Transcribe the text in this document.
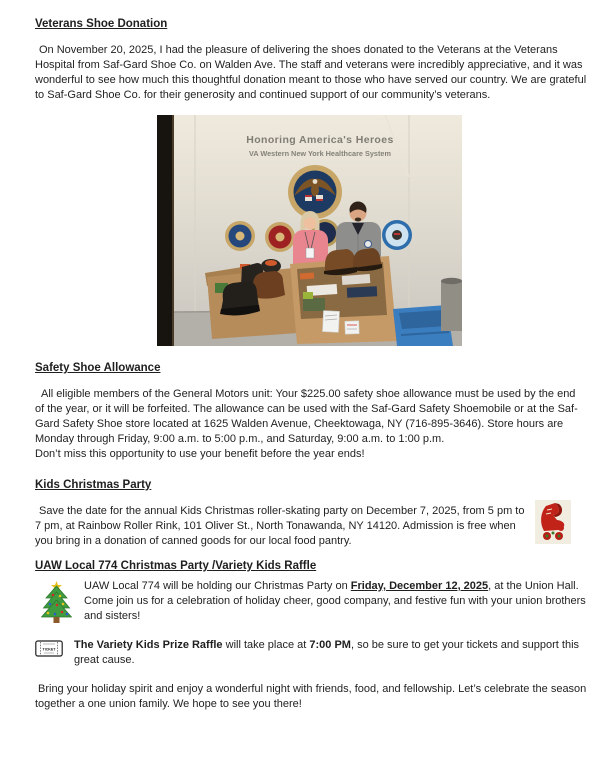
Veterans Shoe Donation

On November 20, 2025, I had the pleasure of delivering the shoes donated to the Veterans at the Veterans Hospital from Saf-Gard Shoe Co. on Walden Ave. The staff and veterans were incredibly appreciative, and it was wonderful to see how much this thoughtful donation meant to those who have served our country. We are grateful to Saf-Gard Shoe Co. for their generosity and continued support of our community’s veterans.

Honoring America's Heroes
VA Western New York Healthcare System
Safety Shoe Allowance

All eligible members of the General Motors unit: Your $225.00 safety shoe allowance must be used by the end of the year, or it will be forfeited. The allowance can be used with the Saf-Gard Safety Shoemobile or at the Saf-Gard Safety Shoe store located at 1625 Walden Avenue, Cheektowaga, NY (716-895-3646). Store hours are Monday through Friday, 9:00 a.m. to 5:00 p.m., and Saturday, 9:00 a.m. to 1:00 p.m.

Don’t miss this opportunity to use your benefit before the year ends!

Kids Christmas Party

Save the date for the annual Kids Christmas roller-skating party on December 7, 2025, from 5 pm to 7 pm, at Rainbow Roller Rink, 101 Oliver St., North Tonawanda, NY 14120. Admission is free when you bring in a donation of canned goods for our local food pantry.

UAW Local 774 Christmas Party /Variety Kids Raffle

UAW Local 774 will be holding our Christmas Party on Friday, December 12, 2025, at the Union Hall. Come join us for a celebration of holiday cheer, good company, and festive fun with your union brothers and sisters!

TICKET The Variety Kids Prize Raffle will take place at 7:00 PM, so be sure to get your tickets and support this great cause.

Bring your holiday spirit and enjoy a wonderful night with friends, food, and fellowship. Let’s celebrate the season together a one union family. We hope to see you there!
